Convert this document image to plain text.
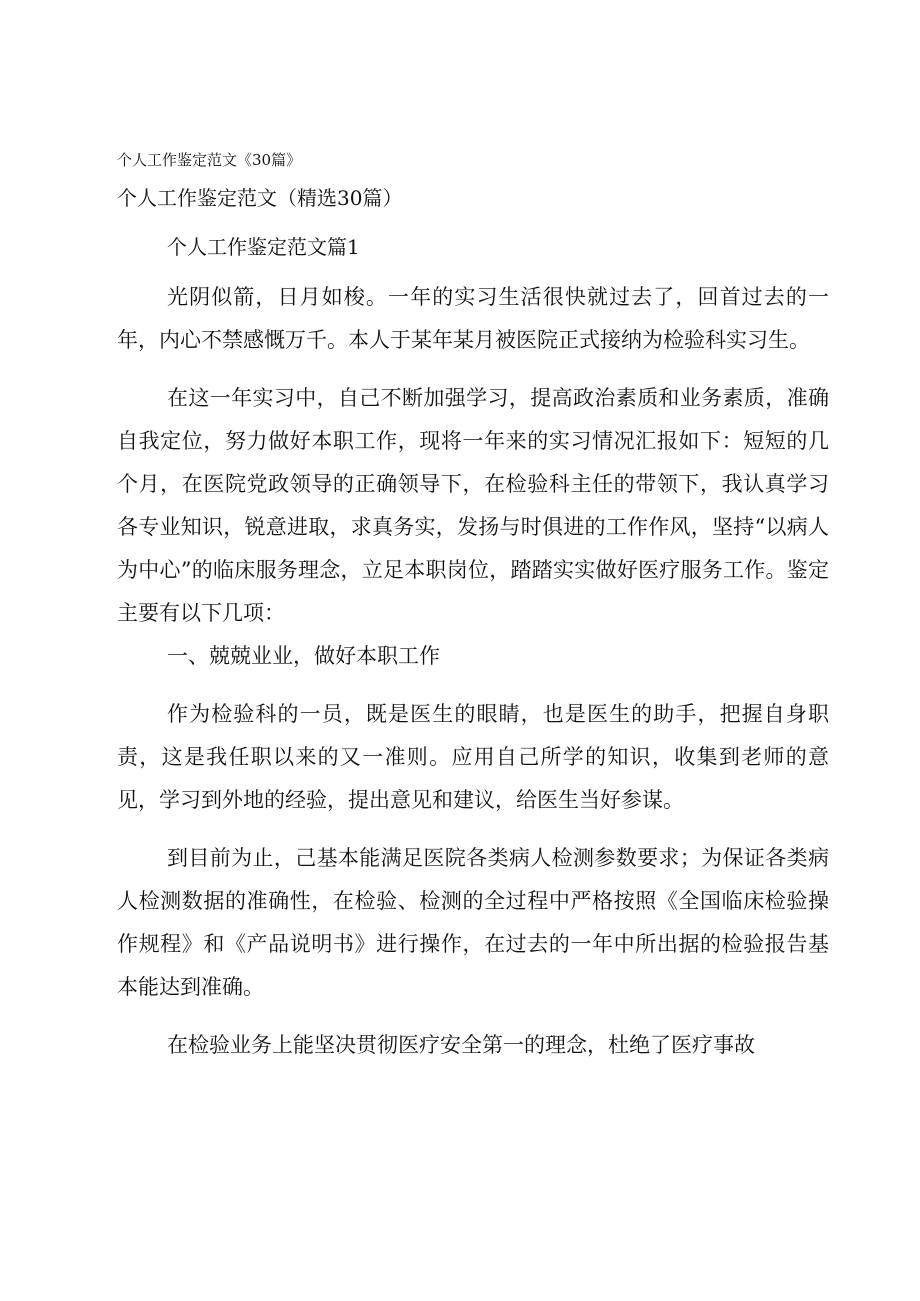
个人工作鉴定范文《30篇》
个人工作鉴定范文（精选30篇）
个人工作鉴定范文篇1

光阴似箭，日月如梭。一年的实习生活很快就过去了，回首过去的一年，内心不禁感慨万千。本人于某年某月被医院正式接纳为检验科实习生。

在这一年实习中，自己不断加强学习，提高政治素质和业务素质，准确自我定位，努力做好本职工作，现将一年来的实习情况汇报如下：短短的几个月，在医院党政领导的正确领导下，在检验科主任的带领下，我认真学习各专业知识，锐意进取，求真务实，发扬与时俱进的工作作风，坚持“以病人为中心”的临床服务理念，立足本职岗位，踏踏实实做好医疗服务工作。鉴定主要有以下几项：

一、兢兢业业，做好本职工作

作为检验科的一员，既是医生的眼睛，也是医生的助手，把握自身职责，这是我任职以来的又一准则。应用自己所学的知识，收集到老师的意见，学习到外地的经验，提出意见和建议，给医生当好参谋。

到目前为止，己基本能满足医院各类病人检测参数要求；为保证各类病人检测数据的准确性，在检验、检测的全过程中严格按照《全国临床检验操作规程》和《产品说明书》进行操作，在过去的一年中所出据的检验报告基本能达到准确。

在检验业务上能坚决贯彻医疗安全第一的理念，杜绝了医疗事故
